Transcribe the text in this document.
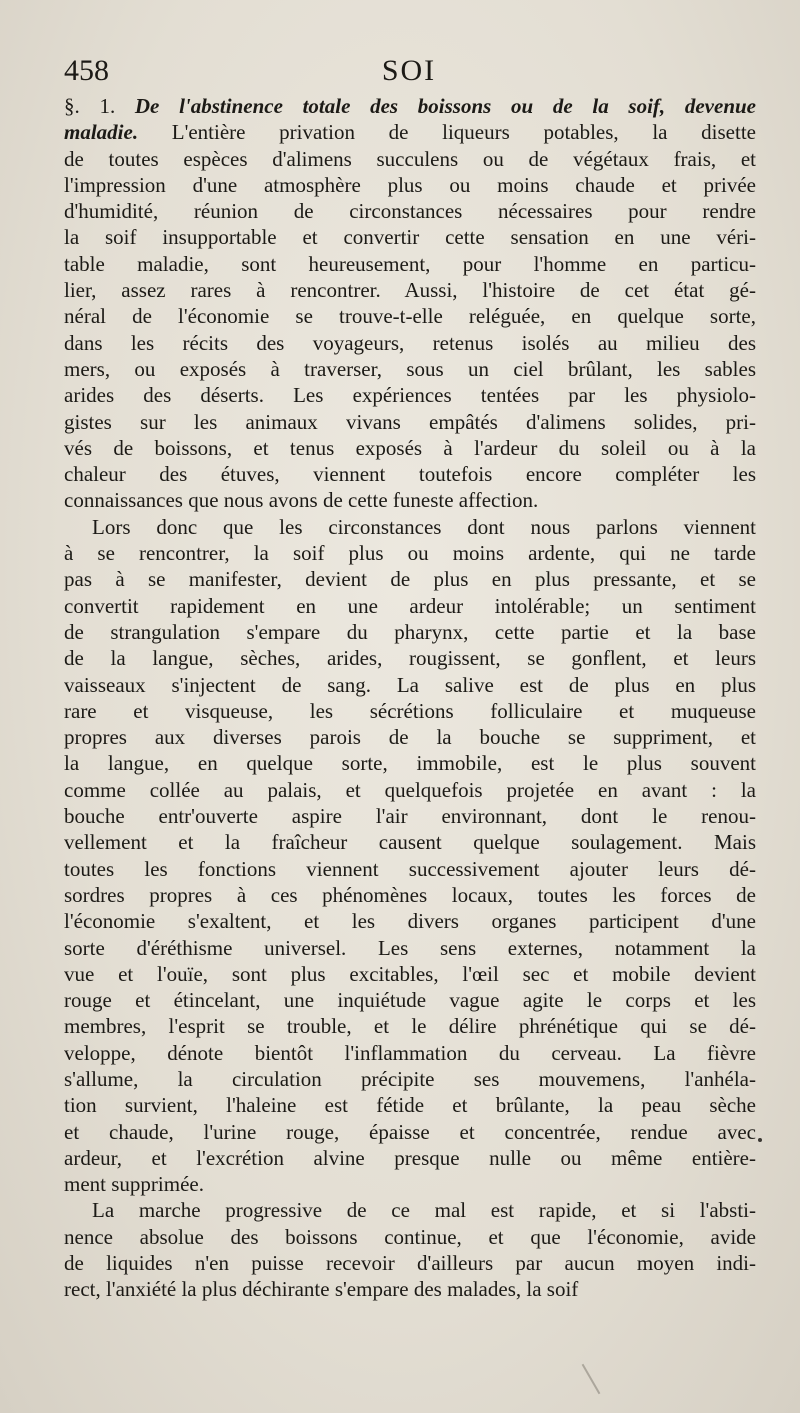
458	SOI
§. 1. De l'abstinence totale des boissons ou de la soif, devenue
maladie. L'entière privation de liqueurs potables, la disette
de toutes espèces d'alimens succulens ou de végétaux frais, et
l'impression d'une atmosphère plus ou moins chaude et privée
d'humidité, réunion de circonstances nécessaires pour rendre
la soif insupportable et convertir cette sensation en une véri-
table maladie, sont heureusement, pour l'homme en particu-
lier, assez rares à rencontrer. Aussi, l'histoire de cet état gé-
néral de l'économie se trouve-t-elle reléguée, en quelque sorte,
dans les récits des voyageurs, retenus isolés au milieu des
mers, ou exposés à traverser, sous un ciel brûlant, les sables
arides des déserts. Les expériences tentées par les physiolo-
gistes sur les animaux vivans empâtés d'alimens solides, pri-
vés de boissons, et tenus exposés à l'ardeur du soleil ou à la
chaleur des étuves, viennent toutefois encore compléter les
connaissances que nous avons de cette funeste affection.
Lors donc que les circonstances dont nous parlons viennent
à se rencontrer, la soif plus ou moins ardente, qui ne tarde
pas à se manifester, devient de plus en plus pressante, et se
convertit rapidement en une ardeur intolérable; un sentiment
de strangulation s'empare du pharynx, cette partie et la base
de la langue, sèches, arides, rougissent, se gonflent, et leurs
vaisseaux s'injectent de sang. La salive est de plus en plus
rare et visqueuse, les sécrétions folliculaire et muqueuse
propres aux diverses parois de la bouche se suppriment, et
la langue, en quelque sorte, immobile, est le plus souvent
comme collée au palais, et quelquefois projetée en avant : la
bouche entr'ouverte aspire l'air environnant, dont le renou-
vellement et la fraîcheur causent quelque soulagement. Mais
toutes les fonctions viennent successivement ajouter leurs dé-
sordres propres à ces phénomènes locaux, toutes les forces de
l'économie s'exaltent, et les divers organes participent d'une
sorte d'éréthisme universel. Les sens externes, notamment la
vue et l'ouïe, sont plus excitables, l'œil sec et mobile devient
rouge et étincelant, une inquiétude vague agite le corps et les
membres, l'esprit se trouble, et le délire phrénétique qui se dé-
veloppe, dénote bientôt l'inflammation du cerveau. La fièvre
s'allume, la circulation précipite ses mouvemens, l'anhéla-
tion survient, l'haleine est fétide et brûlante, la peau sèche
et chaude, l'urine rouge, épaisse et concentrée, rendue avec
ardeur, et l'excrétion alvine presque nulle ou même entière-
ment supprimée.
La marche progressive de ce mal est rapide, et si l'absti-
nence absolue des boissons continue, et que l'économie, avide
de liquides n'en puisse recevoir d'ailleurs par aucun moyen indi-
rect, l'anxiété la plus déchirante s'empare des malades, la soif
